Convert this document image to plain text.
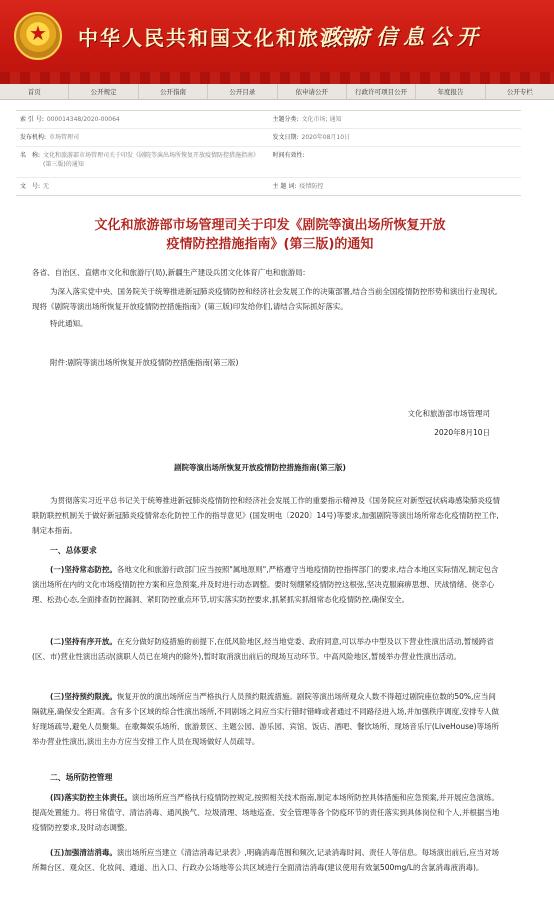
★	中华人民共和国文化和旅游部
政府信息公开
首页	公开规定	公开指南	公开目录	依申请公开	行政许可项目公开	年度报告	公开专栏
索 引 号: 000014348/2020-00064	主题分类: 文化市场; 通知
发布机构: 市场管理司	发文日期: 2020年08月10日
名　称: 文化和旅游部市场管理司关于印发《剧院等演出场所恢复开放疫情防控措施指南》(第三版)的通知
时间有效性:
文　号: 无	主 题 词: 疫情防控
文化和旅游部市场管理司关于印发《剧院等演出场所恢复开放
疫情防控措施指南》(第三版)的通知
各省、自治区、直辖市文化和旅游厅(局),新疆生产建设兵团文化体育广电和旅游局:
为深入落实党中央、国务院关于统筹推进新冠肺炎疫情防控和经济社会发展工作的决策部署,结合当前全国疫情防控形势和演出行业现状,现将《剧院等演出场所恢复开放疫情防控措施指南》(第三版)印发给你们,请结合实际抓好落实。
特此通知。
附件:剧院等演出场所恢复开放疫情防控措施指南(第三版)
文化和旅游部市场管理司
2020年8月10日
剧院等演出场所恢复开放疫情防控措施指南(第三版)
为贯彻落实习近平总书记关于统筹推进新冠肺炎疫情防控和经济社会发展工作的重要指示精神及《国务院应对新型冠状病毒感染肺炎疫情联防联控机制关于做好新冠肺炎疫情常态化防控工作的指导意见》(国发明电〔2020〕14号)等要求,加强剧院等演出场所常态化疫情防控工作,制定本指南。
一、总体要求
(一)坚持常态防控。各地文化和旅游行政部门应当按照"属地原则",严格遵守当地疫情防控指挥部门的要求,结合本地区实际情况,制定包含演出场所在内的文化市场疫情防控方案和应急预案,并及时进行动态调整。要时刻绷紧疫情防控这根弦,坚决克服麻痹思想、厌战情绪、侥幸心理、松劲心态,全面排查防控漏洞、紧盯防控重点环节,切实落实防控要求,抓紧抓实抓细常态化疫情防控,确保安全。
(二)坚持有序开放。在充分做好防疫措施的前提下,在低风险地区,经当地党委、政府同意,可以举办中型及以下营业性演出活动,暂缓跨省(区、市)营业性演出活动(演职人员已在境内的除外),暂时取消演出前后的现场互动环节。中高风险地区,暂缓举办营业性演出活动。
(三)坚持预约限流。恢复开放的演出场所应当严格执行人员预约限流措施。剧院等演出场所观众人数不得超过剧院座位数的50%,应当间隔就座,确保安全距离。含有多个区域的综合性演出场所,不同剧场之间应当实行错时错峰或者通过不同路径进入场,并加强秩序调度,安排专人做好现场疏导,避免人员聚集。在歌舞娱乐场所、旅游景区、主题公园、游乐园、宾馆、饭店、酒吧、餐饮场所、现场音乐厅(LiveHouse)等场所举办营业性演出,演出主办方应当安排工作人员在现场做好人员疏导。
二、场所防控管理
(四)落实防控主体责任。演出场所应当严格执行疫情防控规定,按照相关技术指南,制定本场所防控具体措施和应急预案,并开展应急演练。提高处置能力。将日常值守、清洁消毒、通风换气、垃圾清理、场地巡查、安全管理等各个防疫环节的责任落实到具体岗位和个人,并根据当地疫情防控要求,及时动态调整。
(五)加强清洁消毒。演出场所应当建立《清洁消毒记录表》,明确消毒范围和频次,记录消毒时间、责任人等信息。每场演出前后,应当对场所舞台区、观众区、化妆间、通道、出入口、行政办公场地等公共区域进行全面清洁消毒(建议使用有效氯500mg/L的含氯消毒液消毒)。
